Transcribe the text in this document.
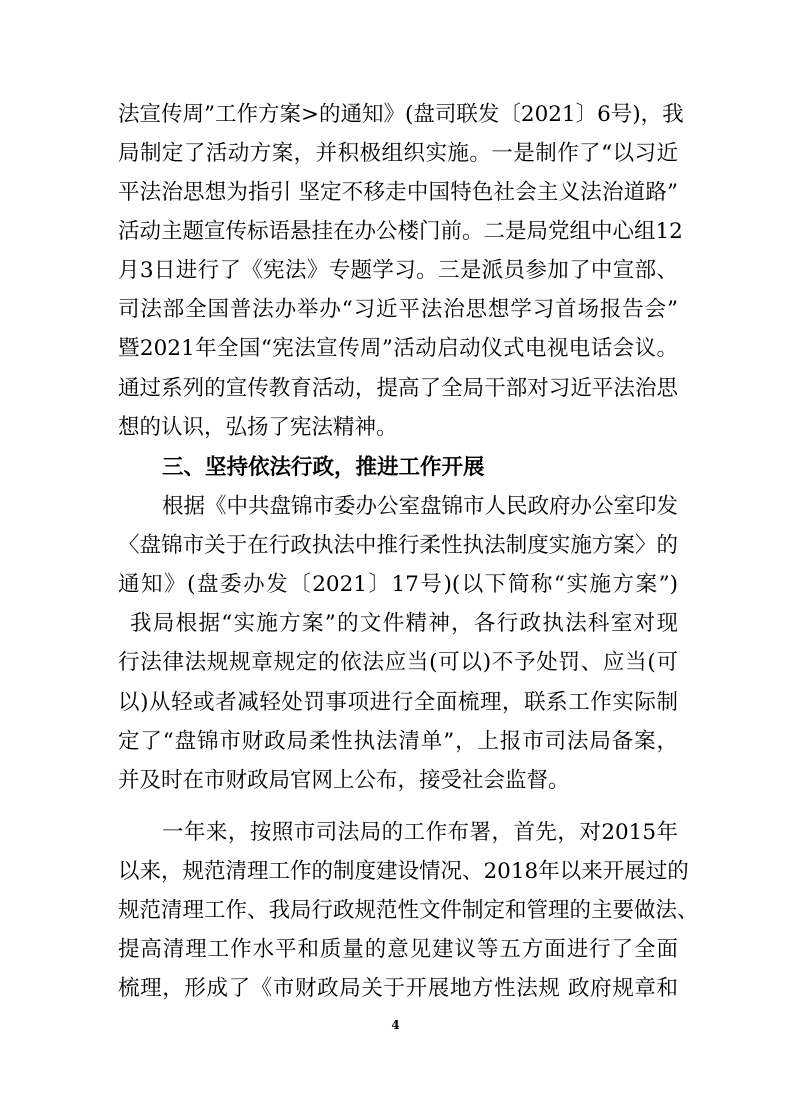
法宣传周”工作方案>的通知》(盘司联发〔2021〕6号)，我
局制定了活动方案，并积极组织实施。一是制作了“以习近
平法治思想为指引 坚定不移走中国特色社会主义法治道路”
活动主题宣传标语悬挂在办公楼门前。二是局党组中心组12
月3日进行了《宪法》专题学习。三是派员参加了中宣部、
司法部全国普法办举办“习近平法治思想学习首场报告会”
暨2021年全国“宪法宣传周”活动启动仪式电视电话会议。
通过系列的宣传教育活动，提高了全局干部对习近平法治思
想的认识，弘扬了宪法精神。
三、坚持依法行政，推进工作开展
根据《中共盘锦市委办公室盘锦市人民政府办公室印发
〈盘锦市关于在行政执法中推行柔性执法制度实施方案〉的
通知》(盘委办发〔2021〕17号)(以下简称“实施方案”)
我局根据“实施方案”的文件精神，各行政执法科室对现
行法律法规规章规定的依法应当(可以)不予处罚、应当(可
以)从轻或者减轻处罚事项进行全面梳理，联系工作实际制
定了“盘锦市财政局柔性执法清单”，上报市司法局备案，
并及时在市财政局官网上公布，接受社会监督。
一年来，按照市司法局的工作布署，首先，对2015年
以来，规范清理工作的制度建设情况、2018年以来开展过的
规范清理工作、我局行政规范性文件制定和管理的主要做法、
提高清理工作水平和质量的意见建议等五方面进行了全面
梳理，形成了《市财政局关于开展地方性法规 政府规章和
4
